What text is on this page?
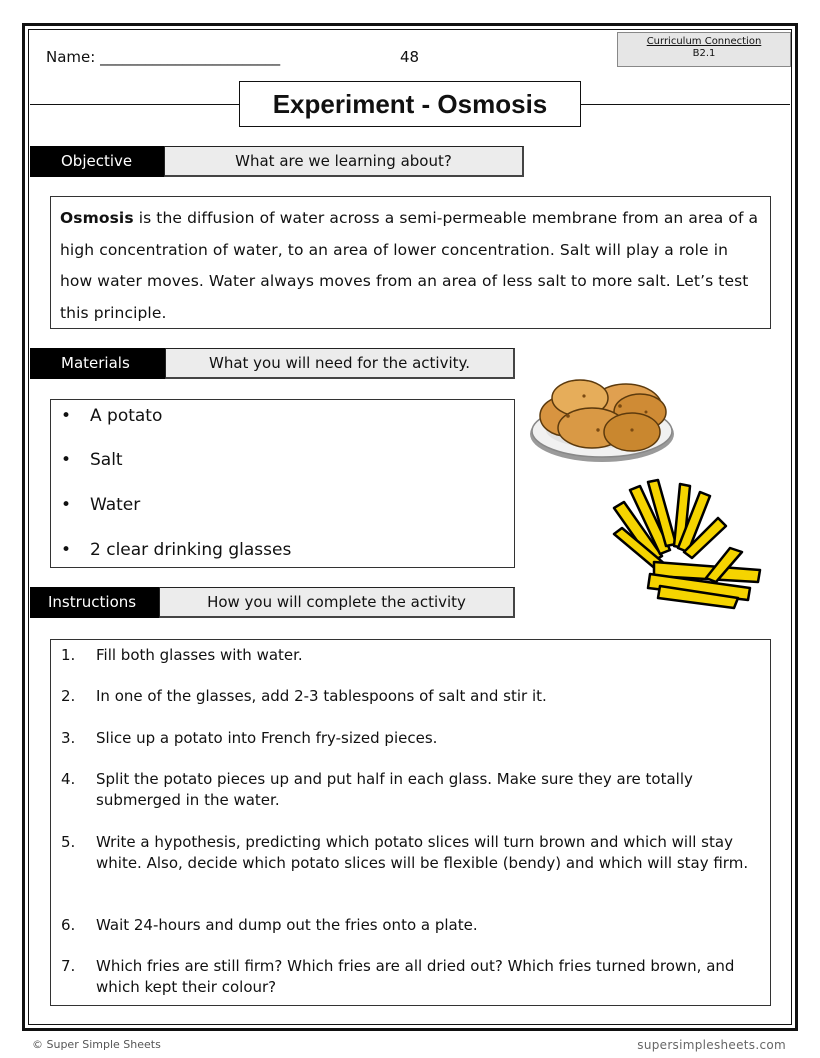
Name: ________________________	48
Curriculum Connection
B2.1
Experiment - Osmosis
Objective	What are we learning about?
Osmosis is the diffusion of water across a semi-permeable membrane from an area of a high concentration of water, to an area of lower concentration. Salt will play a role in how water moves. Water always moves from an area of less salt to more salt. Let’s test this principle.
Materials	What you will need for the activity.
• A potato
• Salt
• Water
• 2 clear drinking glasses
Instructions	How you will complete the activity
1. Fill both glasses with water.
2. In one of the glasses, add 2-3 tablespoons of salt and stir it.
3. Slice up a potato into French fry-sized pieces.
4. Split the potato pieces up and put half in each glass. Make sure they are totally submerged in the water.
5. Write a hypothesis, predicting which potato slices will turn brown and which will stay white. Also, decide which potato slices will be flexible (bendy) and which will stay firm.
6. Wait 24-hours and dump out the fries onto a plate.
7. Which fries are still firm? Which fries are all dried out? Which fries turned brown, and which kept their colour?
© Super Simple Sheets	supersimplesheets.com
